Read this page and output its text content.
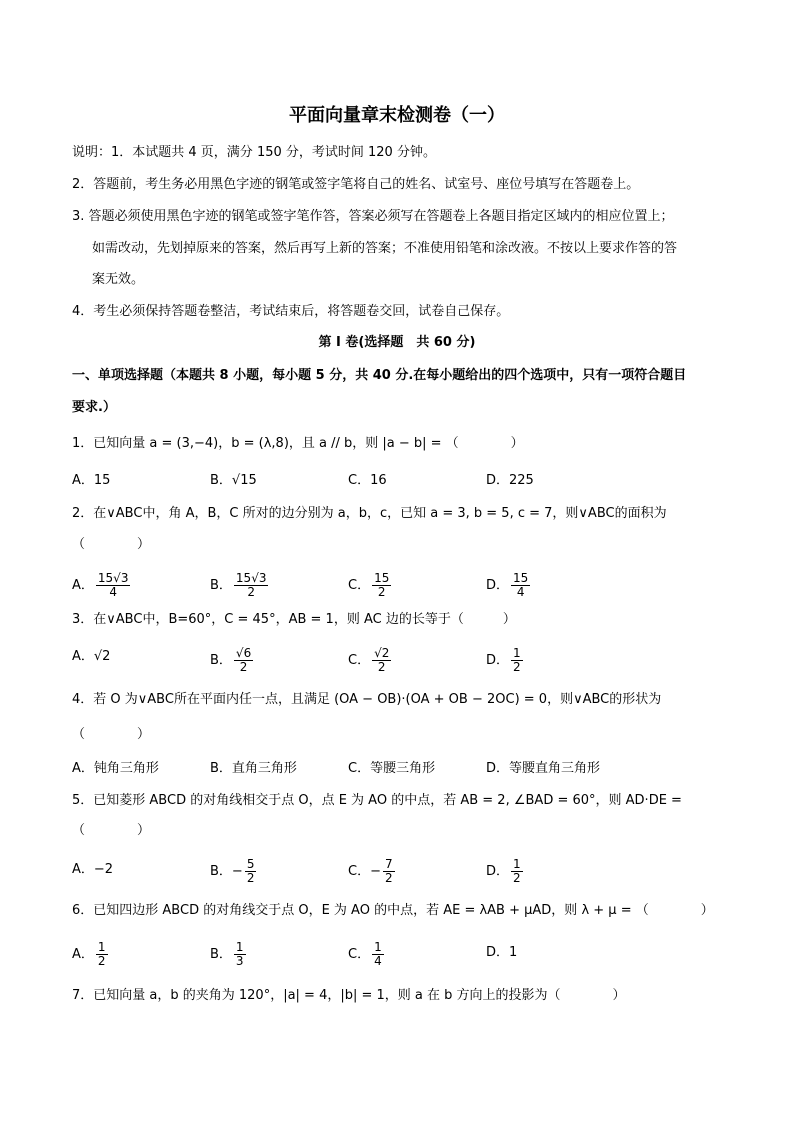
平面向量章末检测卷（一）
说明：1．本试题共 4 页，满分 150 分，考试时间 120 分钟。
2．答题前，考生务必用黑色字迹的钢笔或签字笔将自己的姓名、试室号、座位号填写在答题卷上。
3. 答题必须使用黑色字迹的钢笔或签字笔作答，答案必须写在答题卷上各题目指定区域内的相应位置上；
如需改动，先划掉原来的答案，然后再写上新的答案；不准使用铅笔和涂改液。不按以上要求作答的答
案无效。
4．考生必须保持答题卷整洁，考试结束后，将答题卷交回，试卷自己保存。
第 I 卷(选择题　共 60 分)
一、单项选择题（本题共 8 小题，每小题 5 分，共 40 分.在每小题给出的四个选项中，只有一项符合题目
要求.）
1．已知向量 a = (3,−4)，b = (λ,8)，且 a // b，则 |a − b| = （　　　　）
A．15	B．√15	C．16	D．225
2．在∨ABC中，角 A，B，C 所对的边分别为 a，b，c，已知 a = 3, b = 5, c = 7，则∨ABC的面积为
（　　　　）
A． $\frac{15√3}{4}$	B． $\frac{15√3}{2}$	C． $\frac{15}{2}$	D． $\frac{15}{4}$
3．在∨ABC中，B=60°，C = 45°，AB = 1，则 AC 边的长等于（　　　）
A．√2	B． $\frac{√6}{2}$	C． $\frac{√2}{2}$	D． $\frac{1}{2}$
4．若 O 为∨ABC所在平面内任一点，且满足 (OA − OB)·(OA + OB − 2OC) = 0，则∨ABC的形状为
（　　　　）
A．钝角三角形	B．直角三角形	C．等腰三角形	D．等腰直角三角形
5．已知菱形 ABCD 的对角线相交于点 O，点 E 为 AO 的中点，若 AB = 2, ∠BAD = 60°，则 AD·DE =
（　　　　）
A．−2	B．− $\frac{5}{2}$	C．− $\frac{7}{2}$	D． $\frac{1}{2}$
6．已知四边形 ABCD 的对角线交于点 O，E 为 AO 的中点，若 AE = λAB + μAD，则 λ + μ = （　　　　）
A． $\frac{1}{2}$	B． $\frac{1}{3}$	C． $\frac{1}{4}$	D．1
7．已知向量 a，b 的夹角为 120°，|a| = 4，|b| = 1，则 a 在 b 方向上的投影为（　　　　）
